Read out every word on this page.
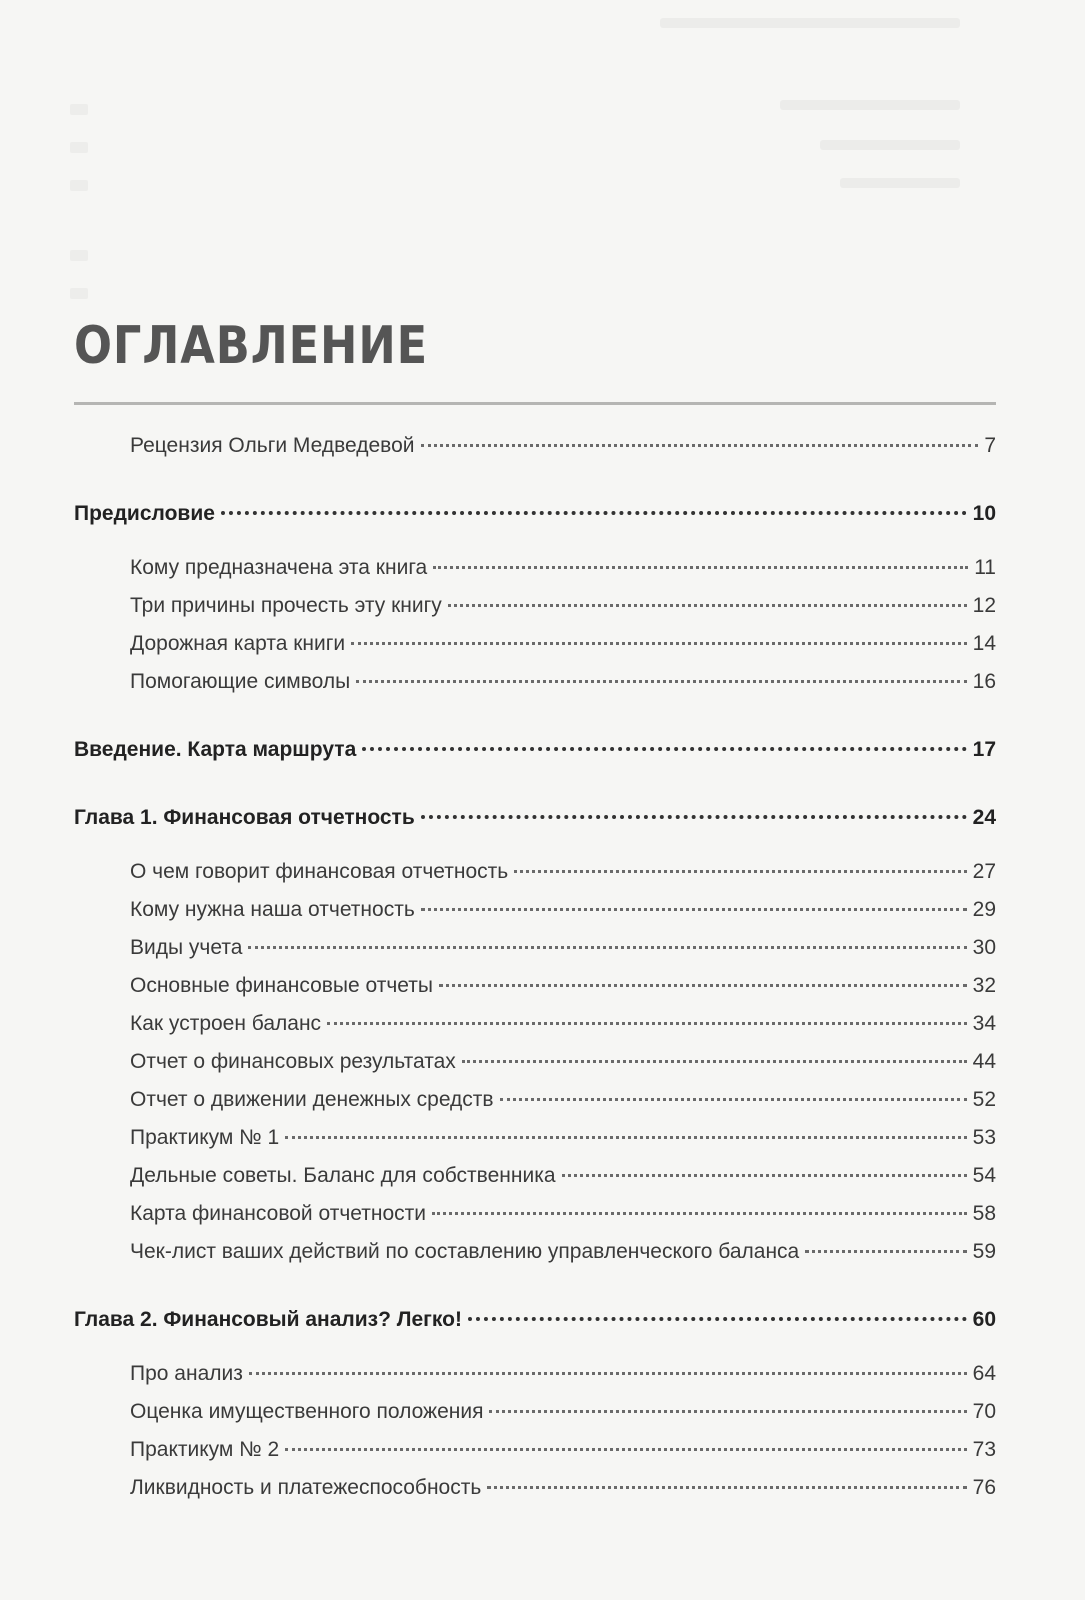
ОГЛАВЛЕНИЕ
Рецензия Ольги Медведевой	7
Предисловие	10
Кому предназначена эта книга	11
Три причины прочесть эту книгу	12
Дорожная карта книги	14
Помогающие символы	16
Введение. Карта маршрута	17
Глава 1. Финансовая отчетность	24
О чем говорит финансовая отчетность	27
Кому нужна наша отчетность	29
Виды учета	30
Основные финансовые отчеты	32
Как устроен баланс	34
Отчет о финансовых результатах	44
Отчет о движении денежных средств	52
Практикум № 1	53
Дельные советы. Баланс для собственника	54
Карта финансовой отчетности	58
Чек-лист ваших действий по составлению управленческого баланса	59
Глава 2. Финансовый анализ? Легко!	60
Про анализ	64
Оценка имущественного положения	70
Практикум № 2	73
Ликвидность и платежеспособность	76
